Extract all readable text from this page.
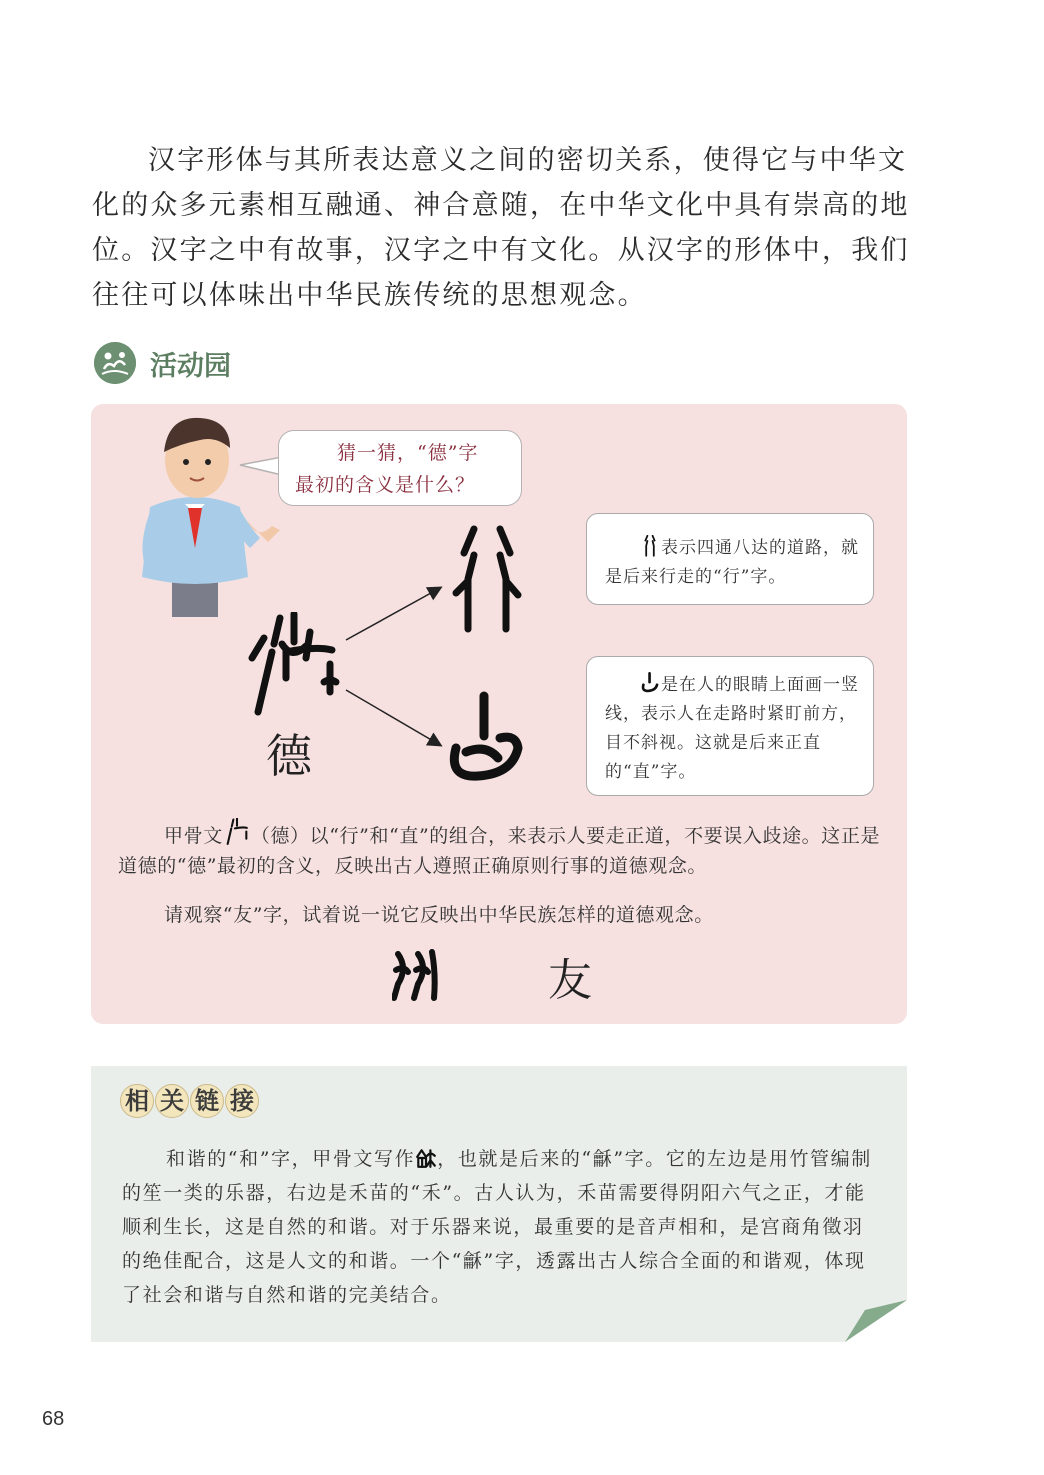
汉字形体与其所表达意义之间的密切关系，使得它与中华文化的众多元素相互融通、神合意随，在中华文化中具有崇高的地位。汉字之中有故事，汉字之中有文化。从汉字的形体中，我们往往可以体味出中华民族传统的思想观念。

活动园
猜一猜，“德”字
最初的含义是什么？
德
表示四通八达的道路，就是后来行走的“行”字。
是在人的眼睛上面画一竖线，表示人在走路时紧盯前方，目不斜视。这就是后来正直的“直”字。

甲骨文 （德）以“行”和“直”的组合，来表示人要走正道，不要误入歧途。这正是道德的“德”最初的含义，反映出古人遵照正确原则行事的道德观念。

请观察“友”字，试着说一说它反映出中华民族怎样的道德观念。

友
相 关 链 接

和谐的“和”字，甲骨文写作 ，也就是后来的“龢”字。它的左边是用竹管编制的笙一类的乐器，右边是禾苗的“禾”。古人认为，禾苗需要得阴阳六气之正，才能顺利生长，这是自然的和谐。对于乐器来说，最重要的是音声相和，是宫商角徵羽的绝佳配合，这是人文的和谐。一个“龢”字，透露出古人综合全面的和谐观，体现了社会和谐与自然和谐的完美结合。

68
